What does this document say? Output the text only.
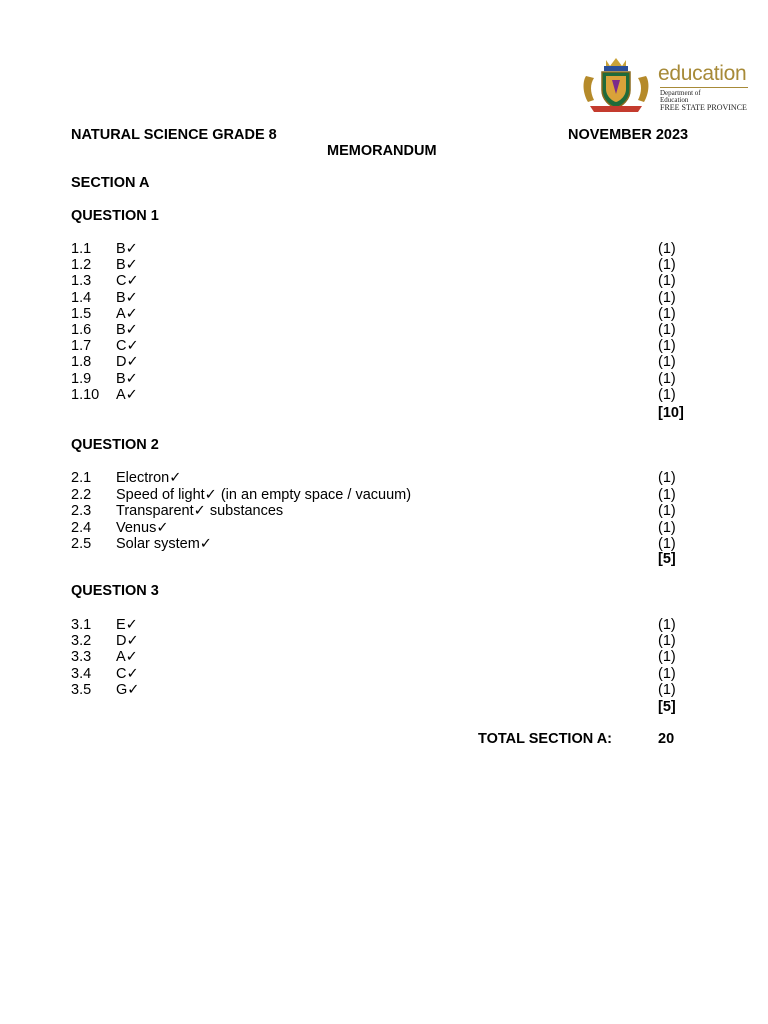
education
Department of
Education
FREE STATE PROVINCE
NATURAL SCIENCE GRADE 8	NOVEMBER 2023
MEMORANDUM
SECTION A
QUESTION 1
1.1 B✓	(1)
1.2 B✓	(1)
1.3 C✓	(1)
1.4 B✓	(1)
1.5 A✓	(1)
1.6 B✓	(1)
1.7 C✓	(1)
1.8 D✓	(1)
1.9 B✓	(1)
1.10 A✓	(1)
[10]
QUESTION 2
2.1 Electron✓	(1)
2.2 Speed of light✓ (in an empty space / vacuum)	(1)
2.3 Transparent✓ substances	(1)
2.4 Venus✓	(1)
2.5 Solar system✓	(1)
[5]
QUESTION 3
3.1 E✓	(1)
3.2 D✓	(1)
3.3 A✓	(1)
3.4 C✓	(1)
3.5 G✓	(1)
[5]
TOTAL SECTION A:	20
